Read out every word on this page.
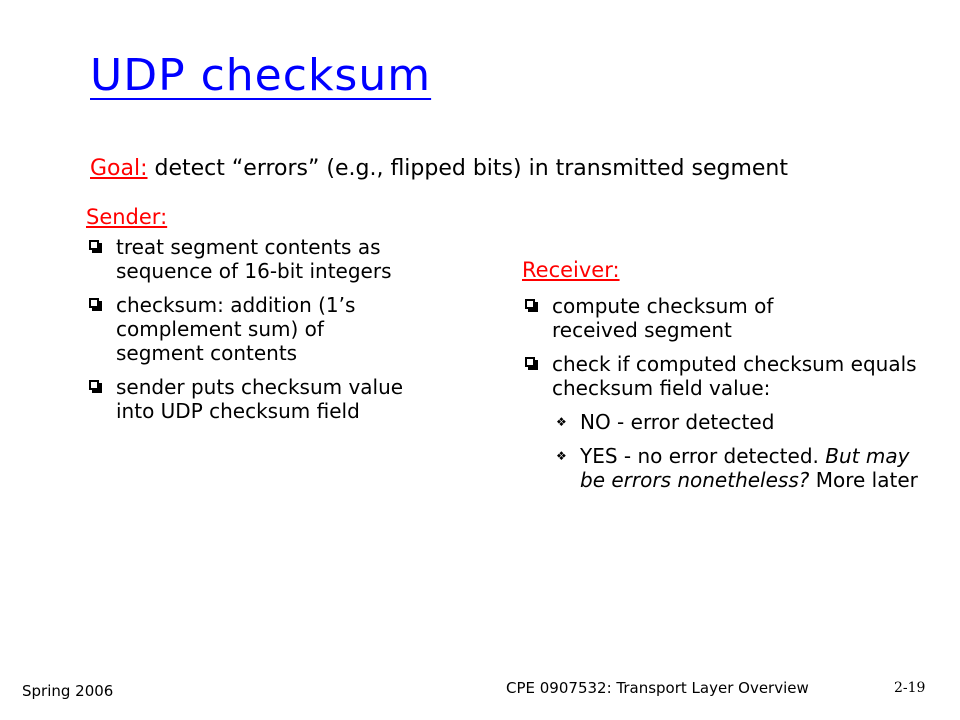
UDP checksum
Goal: detect “errors” (e.g., flipped bits) in transmitted segment
Sender:
treat segment contents as sequence of 16-bit integers
checksum: addition (1’s complement sum) of segment contents
sender puts checksum value into UDP checksum field
Receiver:
compute checksum of received segment
check if computed checksum equals checksum field value:
❖ NO - error detected
❖ YES - no error detected. But may be errors nonetheless? More later
Spring 2006	CPE 0907532: Transport Layer Overview	2-19
